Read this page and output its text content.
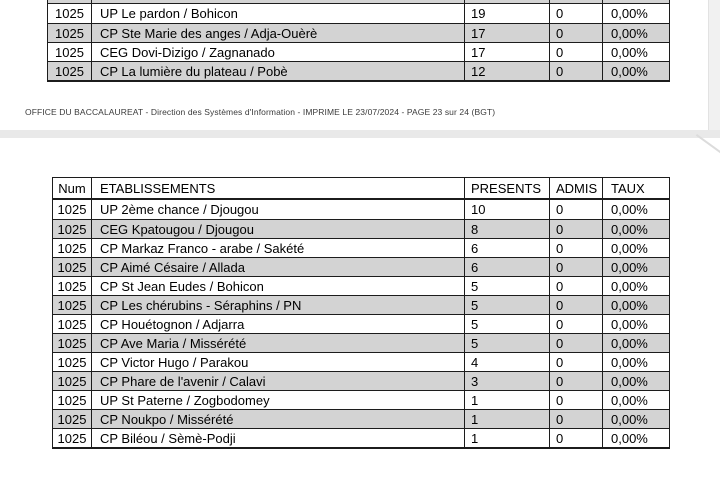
1025	UP Le pardon / Bohicon	19	0	0,00%
1025	CP Ste Marie des anges / Adja-Ouèrè	17	0	0,00%
1025	CEG Dovi-Dizigo / Zagnanado	17	0	0,00%
1025	CP La lumière du plateau / Pobè	12	0	0,00%
OFFICE DU BACCALAUREAT - Direction des Systèmes d'Information - IMPRIME LE 23/07/2024 - PAGE 23 sur 24 (BGT)
Num	ETABLISSEMENTS	PRESENTS	ADMIS	TAUX
1025	UP 2ème chance / Djougou	10	0	0,00%
1025	CEG Kpatougou / Djougou	8	0	0,00%
1025	CP Markaz Franco - arabe / Sakété	6	0	0,00%
1025	CP Aimé Césaire / Allada	6	0	0,00%
1025	CP St Jean Eudes / Bohicon	5	0	0,00%
1025	CP Les chérubins - Séraphins / PN	5	0	0,00%
1025	CP Houétognon / Adjarra	5	0	0,00%
1025	CP Ave Maria / Missérété	5	0	0,00%
1025	CP Victor Hugo / Parakou	4	0	0,00%
1025	CP Phare de l'avenir / Calavi	3	0	0,00%
1025	UP St Paterne / Zogbodomey	1	0	0,00%
1025	CP Noukpo / Missérété	1	0	0,00%
1025	CP Biléou / Sèmè-Podji	1	0	0,00%
